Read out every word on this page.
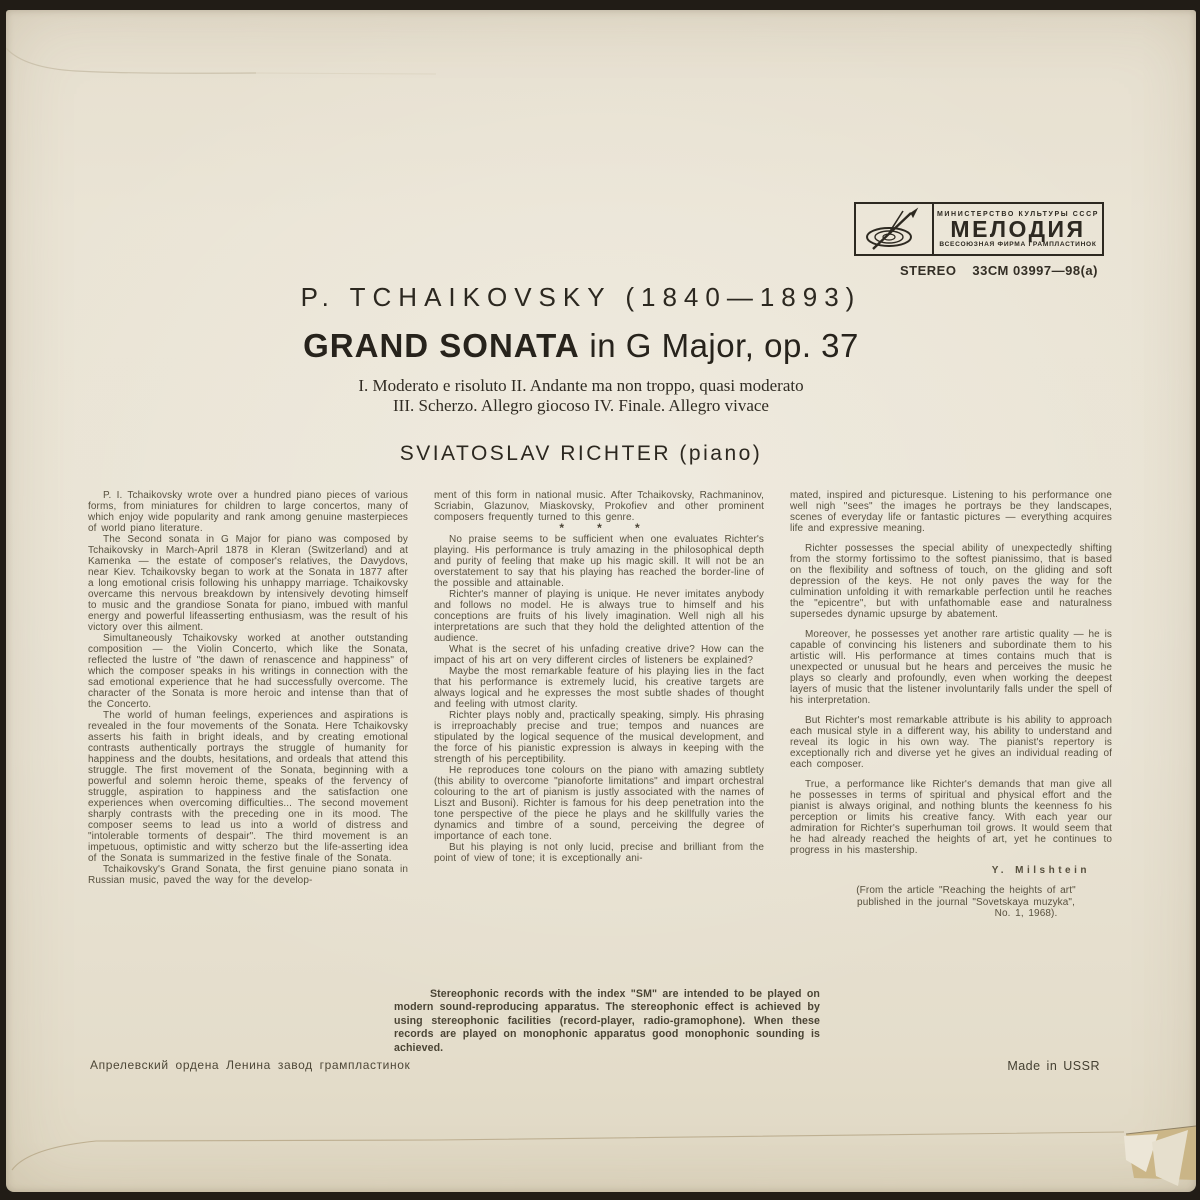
МИНИСТЕРСТВО КУЛЬТУРЫ СССР
МЕЛОДИЯ
ВСЕСОЮЗНАЯ ФИРМА ГРАМПЛАСТИНОК
STEREO 33СМ 03997—98(a)
P. TCHAIKOVSKY (1840—1893)
GRAND SONATA in G Major, op. 37
I. Moderato e risoluto II. Andante ma non troppo, quasi moderato
III. Scherzo. Allegro giocoso IV. Finale. Allegro vivace
SVIATOSLAV RICHTER (piano)

P. I. Tchaikovsky wrote over a hundred piano pieces of various forms, from miniatures for children to large concertos, many of which enjoy wide popularity and rank among genuine masterpieces of world piano literature.

The Second sonata in G Major for piano was composed by Tchaikovsky in March-April 1878 in Kleran (Switzerland) and at Kamenka — the estate of composer's relatives, the Davydovs, near Kiev. Tchaikovsky began to work at the Sonata in 1877 after a long emotional crisis following his unhappy marriage. Tchaikovsky overcame this nervous breakdown by intensively devoting himself to music and the grandiose Sonata for piano, imbued with manful energy and powerful lifeasserting enthusiasm, was the result of his victory over this ailment.

Simultaneously Tchaikovsky worked at another outstanding composition — the Violin Concerto, which like the Sonata, reflected the lustre of "the dawn of renascence and happiness" of which the composer speaks in his writings in connection with the sad emotional experience that he had successfully overcome. The character of the Sonata is more heroic and intense than that of the Concerto.

The world of human feelings, experiences and aspirations is revealed in the four movements of the Sonata. Here Tchaikovsky asserts his faith in bright ideals, and by creating emotional contrasts authentically portrays the struggle of humanity for happiness and the doubts, hesitations, and ordeals that attend this struggle. The first movement of the Sonata, beginning with a powerful and solemn heroic theme, speaks of the fervency of struggle, aspiration to happiness and the satisfaction one experiences when overcoming difficulties... The second movement sharply contrasts with the preceding one in its mood. The composer seems to lead us into a world of distress and "intolerable torments of despair". The third movement is an impetuous, optimistic and witty scherzo but the life-asserting idea of the Sonata is summarized in the festive finale of the Sonata.

Tchaikovsky's Grand Sonata, the first genuine piano sonata in Russian music, paved the way for the develop-

ment of this form in national music. After Tchaikovsky, Rachmaninov, Scriabin, Glazunov, Miaskovsky, Prokofiev and other prominent composers frequently turned to this genre.

* * *

No praise seems to be sufficient when one evaluates Richter's playing. His performance is truly amazing in the philosophical depth and purity of feeling that make up his magic skill. It will not be an overstatement to say that his playing has reached the border-line of the possible and attainable.

Richter's manner of playing is unique. He never imitates anybody and follows no model. He is always true to himself and his conceptions are fruits of his lively imagination. Well nigh all his interpretations are such that they hold the delighted attention of the audience.

What is the secret of his unfading creative drive? How can the impact of his art on very different circles of listeners be explained?

Maybe the most remarkable feature of his playing lies in the fact that his performance is extremely lucid, his creative targets are always logical and he expresses the most subtle shades of thought and feeling with utmost clarity.

Richter plays nobly and, practically speaking, simply. His phrasing is irreproachably precise and true; tempos and nuances are stipulated by the logical sequence of the musical development, and the force of his pianistic expression is always in keeping with the strength of his perceptibility.

He reproduces tone colours on the piano with amazing subtlety (this ability to overcome "pianoforte limitations" and impart orchestral colouring to the art of pianism is justly associated with the names of Liszt and Busoni). Richter is famous for his deep penetration into the tone perspective of the piece he plays and he skillfully varies the dynamics and timbre of a sound, perceiving the degree of importance of each tone.

But his playing is not only lucid, precise and brilliant from the point of view of tone; it is exceptionally ani-

mated, inspired and picturesque. Listening to his performance one well nigh "sees" the images he portrays be they landscapes, scenes of everyday life or fantastic pictures — everything acquires life and expressive meaning.

Richter possesses the special ability of unexpectedly shifting from the stormy fortissimo to the softest pianissimo, that is based on the flexibility and softness of touch, on the gliding and soft depression of the keys. He not only paves the way for the culmination unfolding it with remarkable perfection until he reaches the "epicentre", but with unfathomable ease and naturalness supersedes dynamic upsurge by abatement.

Moreover, he possesses yet another rare artistic quality — he is capable of convincing his listeners and subordinate them to his artistic will. His performance at times contains much that is unexpected or unusual but he hears and perceives the music he plays so clearly and profoundly, even when working the deepest layers of music that the listener involuntarily falls under the spell of his interpretation.

But Richter's most remarkable attribute is his ability to approach each musical style in a different way, his ability to understand and reveal its logic in his own way. The pianist's repertory is exceptionally rich and diverse yet he gives an individual reading of each composer.

True, a performance like Richter's demands that man give all he possesses in terms of spiritual and physical effort and the pianist is always original, and nothing blunts the keenness fo his perception or limits his creative fancy. With each year our admiration for Richter's superhuman toil grows. It would seem that he had already reached the heights of art, yet he continues to progress in his mastership.

Y. Milshtein

(From the article "Reaching the heights of art"
published in the journal "Sovetskaya muzyka",
No. 1, 1968).
Stereophonic records with the index "SM" are intended to be played on modern sound-reproducing apparatus. The stereophonic effect is achieved by using stereophonic facilities (record-player, radio-gramophone). When these records are played on monophonic apparatus good monophonic sounding is achieved.
Апрелевский ордена Ленина завод грампластинок	Made in USSR
